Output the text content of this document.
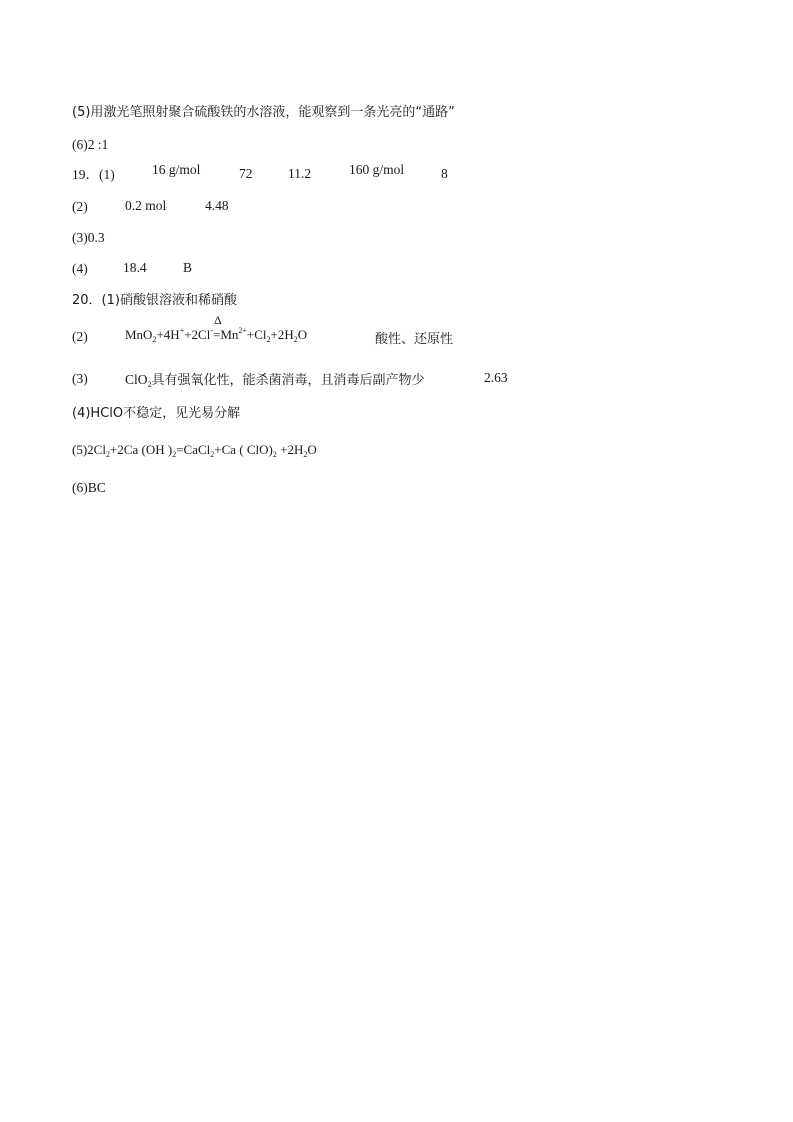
(5)用激光笔照射聚合硫酸铁的水溶液，能观察到一条光亮的“通路”
(6)2 :1
19．(1)	16 g/mol	72	11.2	160 g/mol	8
(2)	0.2 mol	4.48
(3)0.3
(4)	18.4	B
20．(1)硝酸银溶液和稀硝酸
(2)	MnO$_2$+4H++2Cl-
Δ
$=Mn^{2+}+Cl_2+2H_2O$	酸性、还原性
(3)	ClO$_2$具有强氧化性，能杀菌消毒，且消毒后副产物少	2.63
(4)HClO不稳定，见光易分解
$(5)2Cl_2+2Ca$ (OH )$_2=CaCl_2+Ca$ ( $ClO)_2 +2H_2O$
(6)BC
